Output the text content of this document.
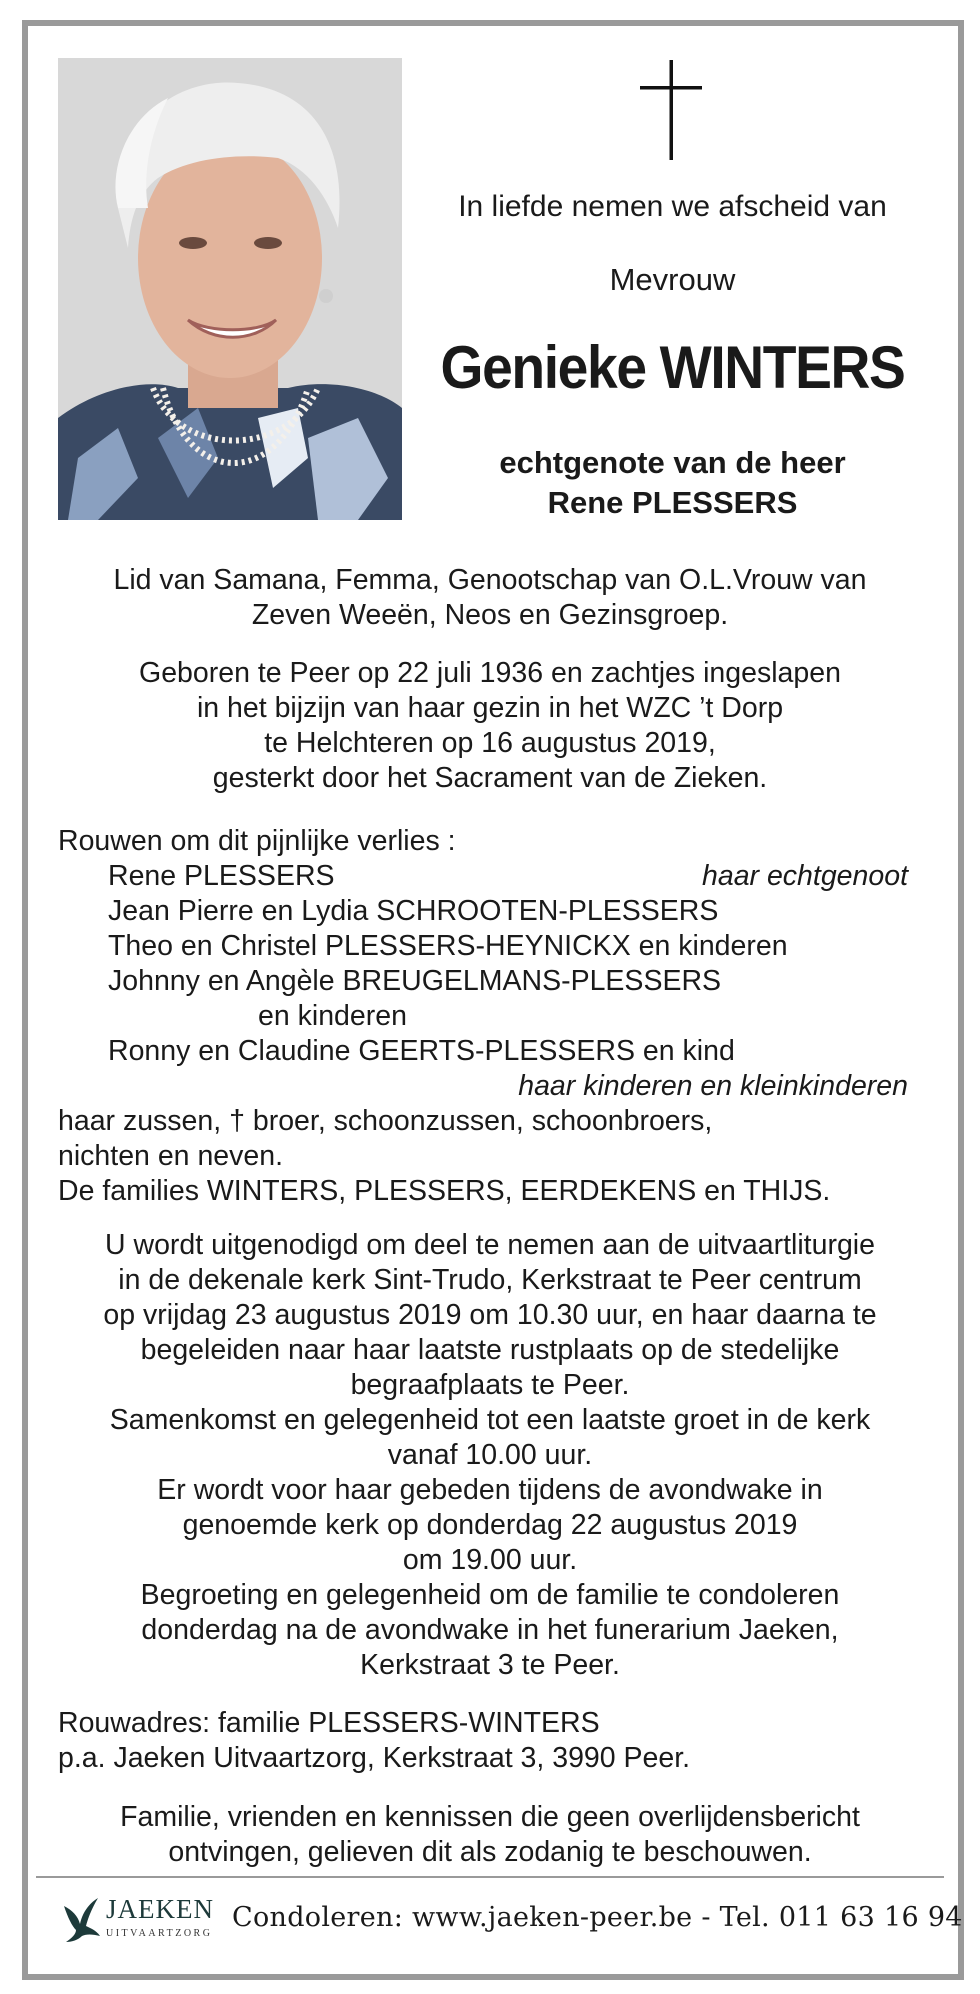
In liefde nemen we afscheid van
Mevrouw
Genieke WINTERS
echtgenote van de heer
Rene PLESSERS
Lid van Samana, Femma, Genootschap van O.L.Vrouw van
Zeven Weeën, Neos en Gezinsgroep.
Geboren te Peer op 22 juli 1936 en zachtjes ingeslapen
in het bijzijn van haar gezin in het WZC ’t Dorp
te Helchteren op 16 augustus 2019,
gesterkt door het Sacrament van de Zieken.
Rouwen om dit pijnlijke verlies :
Rene PLESSERS	haar echtgenoot
Jean Pierre en Lydia SCHROOTEN-PLESSERS
Theo en Christel PLESSERS-HEYNICKX en kinderen
Johnny en Angèle BREUGELMANS-PLESSERS
en kinderen
Ronny en Claudine GEERTS-PLESSERS en kind
haar kinderen en kleinkinderen
haar zussen, † broer, schoonzussen, schoonbroers,
nichten en neven.
De families WINTERS, PLESSERS, EERDEKENS en THIJS.
U wordt uitgenodigd om deel te nemen aan de uitvaartliturgie
in de dekenale kerk Sint-Trudo, Kerkstraat te Peer centrum
op vrijdag 23 augustus 2019 om 10.30 uur, en haar daarna te
begeleiden naar haar laatste rustplaats op de stedelijke
begraafplaats te Peer.
Samenkomst en gelegenheid tot een laatste groet in de kerk
vanaf 10.00 uur.
Er wordt voor haar gebeden tijdens de avondwake in
genoemde kerk op donderdag 22 augustus 2019
om 19.00 uur.
Begroeting en gelegenheid om de familie te condoleren
donderdag na de avondwake in het funerarium Jaeken,
Kerkstraat 3 te Peer.
Rouwadres: familie PLESSERS-WINTERS
p.a. Jaeken Uitvaartzorg, Kerkstraat 3, 3990 Peer.
Familie, vrienden en kennissen die geen overlijdensbericht
ontvingen, gelieven dit als zodanig te beschouwen.
JAEKEN
UITVAARTZORG
Condoleren: www.jaeken-peer.be - Tel. 011 63 16 94
